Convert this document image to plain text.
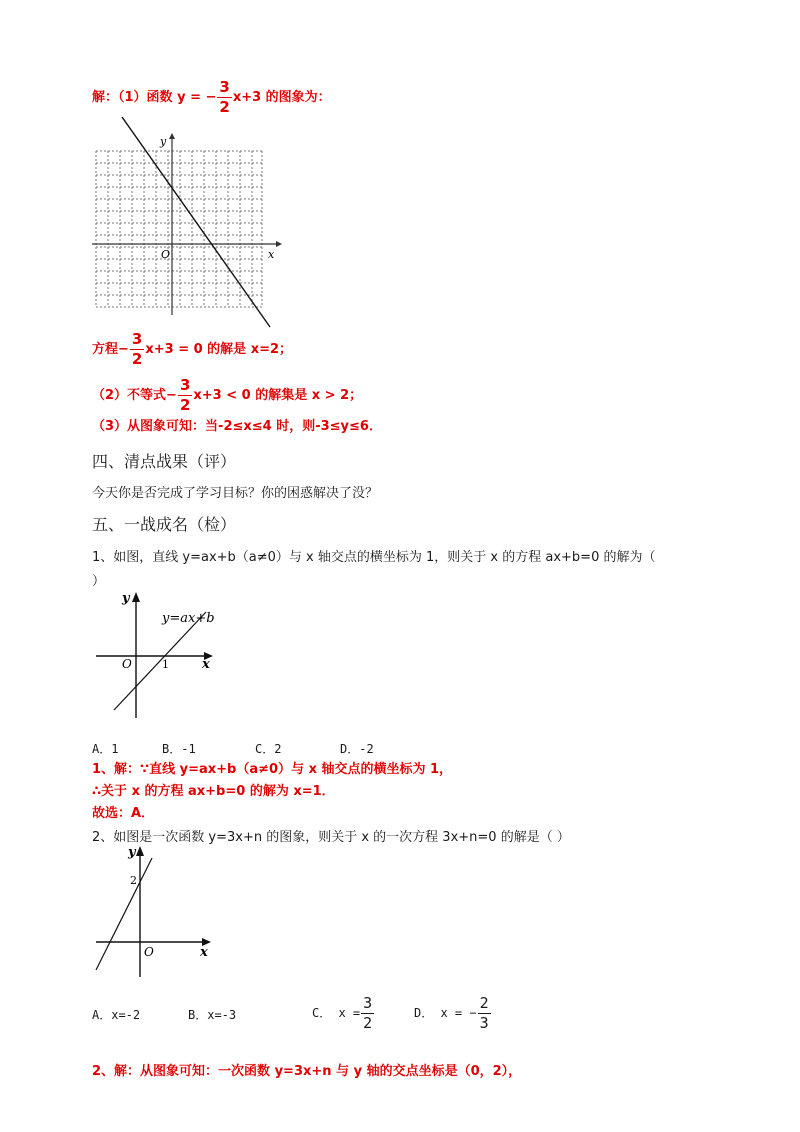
解：（1）函数 y = − $\frac{3}{2} x+3$ 的图象为：
y
x
O
方程− $\frac{3}{2} x+3 = 0$ 的解是 x=2；
（2）不等式− $\frac{3}{2} x+3 < 0$ 的解集是 x > 2；
（3）从图象可知：当-2≤x≤4 时，则-3≤y≤6．
四、清点战果（评）
今天你是否完成了学习目标？你的困惑解决了没？
五、一战成名（检）
1、如图，直线 y=ax+b（a≠0）与 x 轴交点的横坐标为 1，则关于 x 的方程 ax+b=0 的解为（
）
y
x
O	1
y=ax+b
A．1	B．-1	C．2	D．-2
1、解：∵直线 y=ax+b（a≠0）与 x 轴交点的横坐标为 1，
∴关于 x 的方程 ax+b=0 的解为 x=1．
故选：A．
2、如图是一次函数 y=3x+n 的图象，则关于 x 的一次方程 3x+n=0 的解是（ ）
y
x
O
2
A．x=-2	B．x=-3	C． $x = \frac{3}{2}$	D． x = − $\frac{2}{3}$
2、解：从图象可知：一次函数 y=3x+n 与 y 轴的交点坐标是（0，2），
